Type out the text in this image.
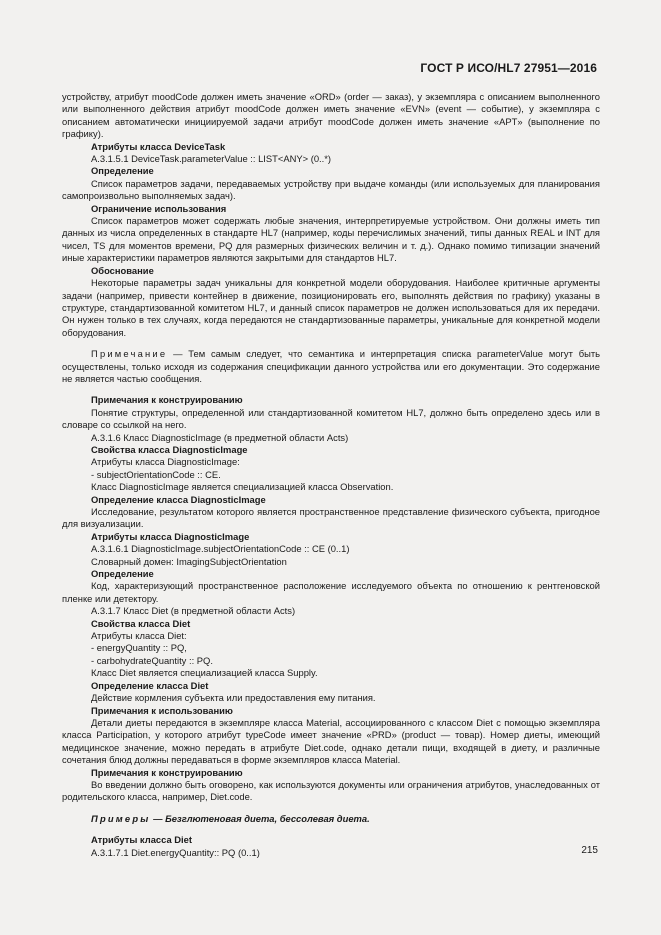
ГОСТ Р ИСО/HL7 27951—2016

устройству, атрибут moodCode должен иметь значение «ORD» (order — заказ), у экземпляра с описанием выполненного или выполненного действия атрибут moodCode должен иметь значение «EVN» (event — событие), у экземпляра с описанием автоматически инициируемой задачи атрибут moodCode должен иметь значение «APT» (выполнение по графику).

Атрибуты класса DeviceTask

A.3.1.5.1 DeviceTask.parameterValue :: LIST<ANY> (0..*)

Определение

Список параметров задачи, передаваемых устройству при выдаче команды (или используемых для планирования самопроизвольно выполняемых задач).

Ограничение использования

Список параметров может содержать любые значения, интерпретируемые устройством. Они должны иметь тип данных из числа определенных в стандарте HL7 (например, коды перечислимых значений, типы данных REAL и INT для чисел, TS для моментов времени, PQ для размерных физических величин и т. д.). Однако помимо типизации значений иные характеристики параметров являются закрытыми для стандартов HL7.

Обоснование

Некоторые параметры задач уникальны для конкретной модели оборудования. Наиболее критичные аргументы задачи (например, привести контейнер в движение, позиционировать его, выполнять действия по графику) указаны в структуре, стандартизованной комитетом HL7, и данный список параметров не должен использоваться для их передачи. Он нужен только в тех случаях, когда передаются не стандартизованные параметры, уникальные для конкретной модели оборудования.

Примечание — Тем самым следует, что семантика и интерпретация списка parameterValue могут быть осуществлены, только исходя из содержания спецификации данного устройства или его документации. Это содержание не является частью сообщения.

Примечания к конструированию

Понятие структуры, определенной или стандартизованной комитетом HL7, должно быть определено здесь или в словаре со ссылкой на него.

A.3.1.6 Класс DiagnosticImage (в предметной области Acts)

Свойства класса DiagnosticImage

Атрибуты класса DiagnosticImage:

- subjectOrientationCode :: CE.

Класс DiagnosticImage является специализацией класса Observation.

Определение класса DiagnosticImage

Исследование, результатом которого является пространственное представление физического субъекта, пригодное для визуализации.

Атрибуты класса DiagnosticImage

A.3.1.6.1 DiagnosticImage.subjectOrientationCode :: CE (0..1)

Словарный домен: ImagingSubjectOrientation

Определение

Код, характеризующий пространственное расположение исследуемого объекта по отношению к рентгеновской пленке или детектору.

A.3.1.7 Класс Diet (в предметной области Acts)

Свойства класса Diet

Атрибуты класса Diet:

- energyQuantity :: PQ,

- carbohydrateQuantity :: PQ.

Класс Diet является специализацией класса Supply.

Определение класса Diet

Действие кормления субъекта или предоставления ему питания.

Примечания к использованию

Детали диеты передаются в экземпляре класса Material, ассоциированного с классом Diet с помощью экземпляра класса Participation, у которого атрибут typeCode имеет значение «PRD» (product — товар). Номер диеты, имеющий медицинское значение, можно передать в атрибуте Diet.code, однако детали пищи, входящей в диету, и различные сочетания блюд должны передаваться в форме экземпляров класса Material.

Примечания к конструированию

Во введении должно быть оговорено, как используются документы или ограничения атрибутов, унаследованных от родительского класса, например, Diet.code.

Примеры — Безглютеновая диета, бессолевая диета.

Атрибуты класса Diet

A.3.1.7.1 Diet.energyQuantity:: PQ (0..1)	215
